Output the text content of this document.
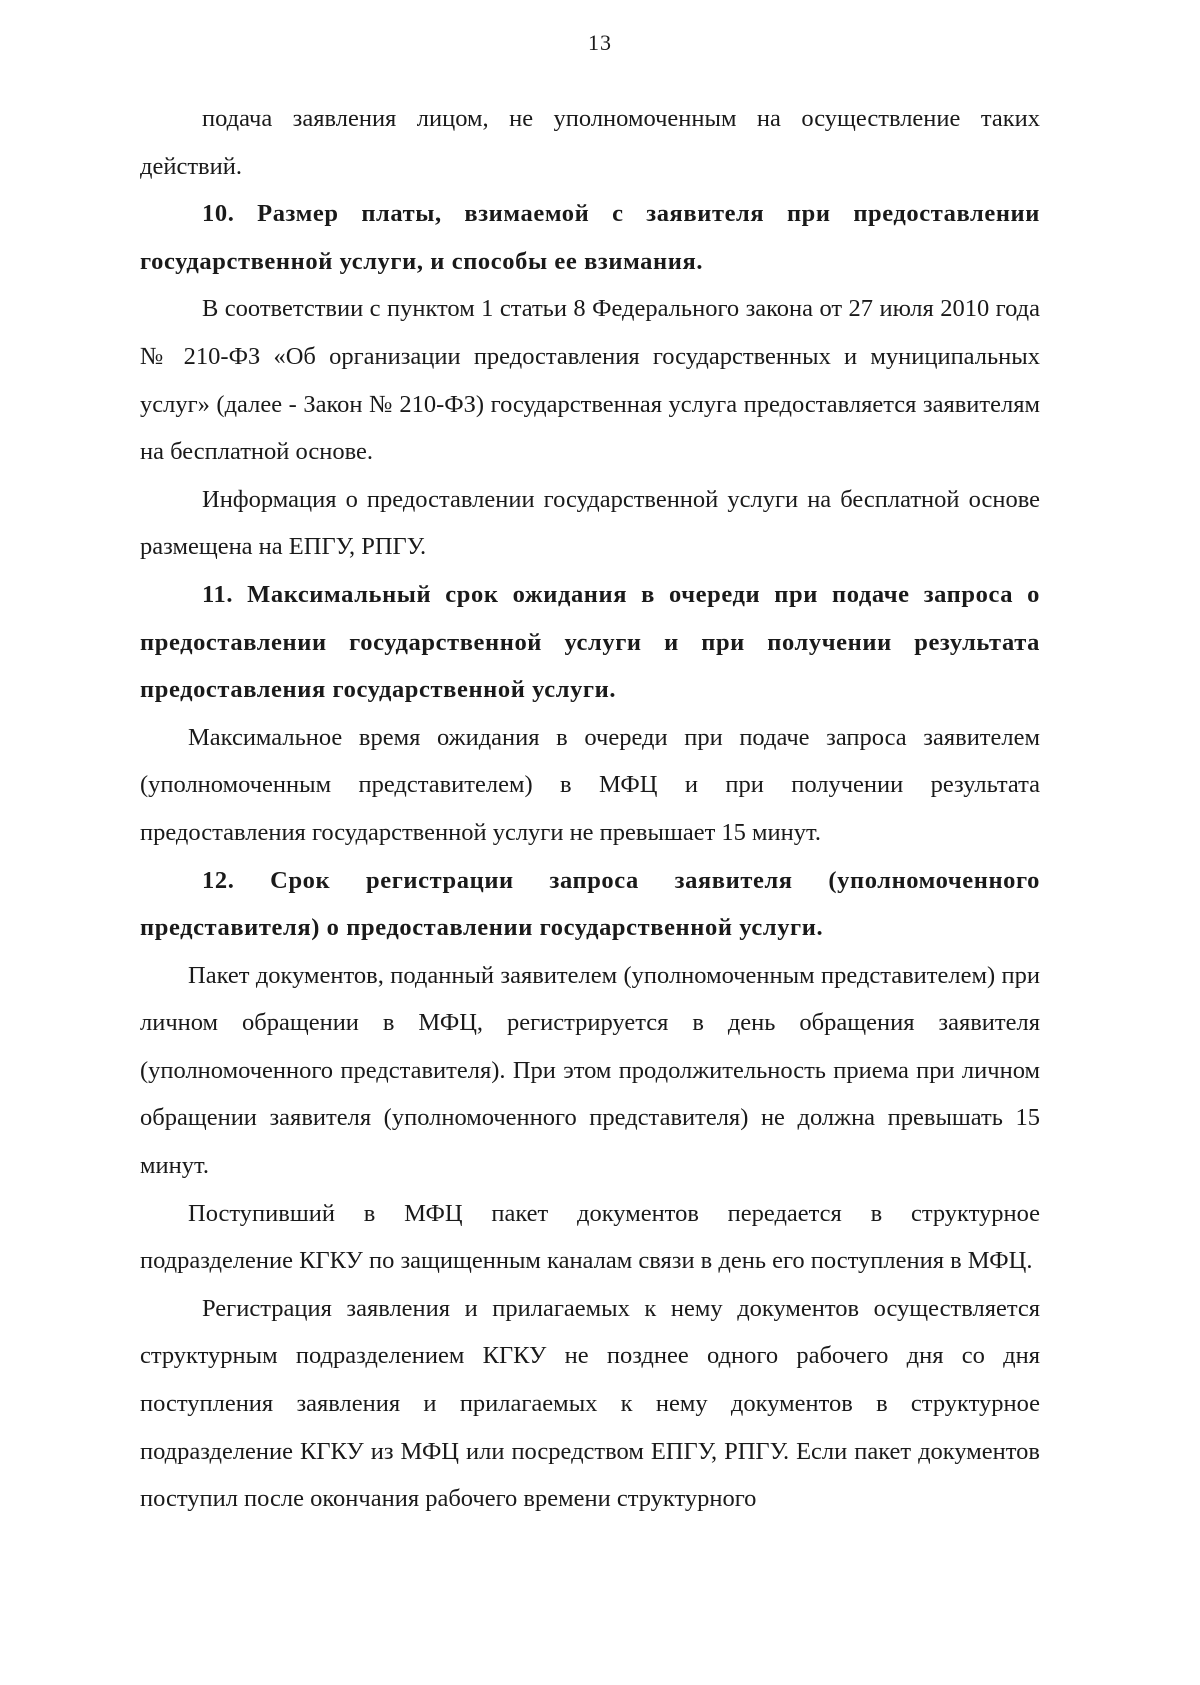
13

подача заявления лицом, не уполномоченным на осуществление таких действий.

10. Размер платы, взимаемой с заявителя при предоставлении государственной услуги, и способы ее взимания.

В соответствии с пунктом 1 статьи 8 Федерального закона от 27 июля 2010 года № 210-ФЗ «Об организации предоставления государственных и муниципальных услуг» (далее - Закон № 210-ФЗ) государственная услуга предоставляется заявителям на бесплатной основе.

Информация о предоставлении государственной услуги на бесплатной основе размещена на ЕПГУ, РПГУ.

11. Максимальный срок ожидания в очереди при подаче запроса о предоставлении государственной услуги и при получении результата предоставления государственной услуги.

Максимальное время ожидания в очереди при подаче запроса заявителем (уполномоченным представителем) в МФЦ и при получении результата предоставления государственной услуги не превышает 15 минут.

12. Срок регистрации запроса заявителя (уполномоченного представителя) о предоставлении государственной услуги.

Пакет документов, поданный заявителем (уполномоченным представителем) при личном обращении в МФЦ, регистрируется в день обращения заявителя (уполномоченного представителя). При этом продолжительность приема при личном обращении заявителя (уполномоченного представителя) не должна превышать 15 минут.

Поступивший в МФЦ пакет документов передается в структурное подразделение КГКУ по защищенным каналам связи в день его поступления в МФЦ.

Регистрация заявления и прилагаемых к нему документов осуществляется структурным подразделением КГКУ не позднее одного рабочего дня со дня поступления заявления и прилагаемых к нему документов в структурное подразделение КГКУ из МФЦ или посредством ЕПГУ, РПГУ. Если пакет документов поступил после окончания рабочего времени структурного
